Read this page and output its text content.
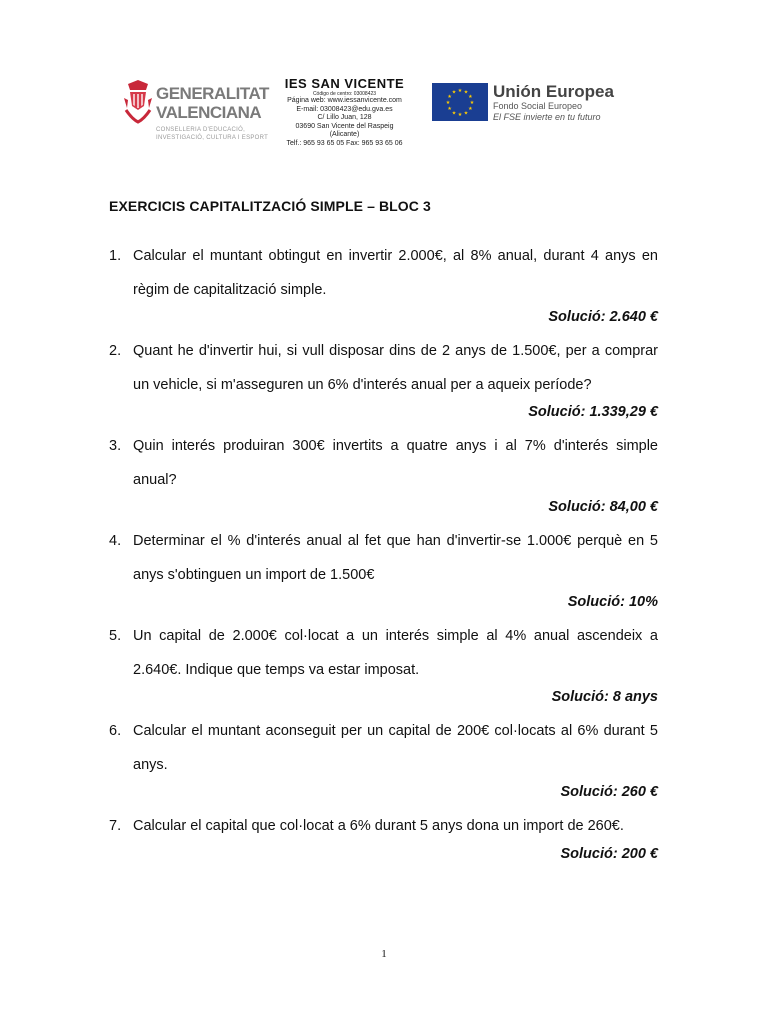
GENERALITAT
VALENCIANA
CONSELLERIA D'EDUCACIÓ,
INVESTIGACIÓ, CULTURA I ESPORT
IES SAN VICENTE
Código de centro: 03008423
Página web: www.iessanvicente.com
E-mail: 03008423@edu.gva.es
C/ Lillo Juan, 128
03690 San Vicente del Raspeig
(Alicante)
Telf.: 965 93 65 05 Fax: 965 93 65 06
★ ★
★
★
★
★
★
★
★
★
★
★ Unión Europea
Fondo Social Europeo
El FSE invierte en tu futuro
EXERCICIS CAPITALITZACIÓ SIMPLE – BLOC 3
1. Calcular el muntant obtingut en invertir 2.000€, al 8% anual, durant 4 anys en règim de capitalització simple.
Solució: 2.640 €
2. Quant he d'invertir hui, si vull disposar dins de 2 anys de 1.500€, per a comprar un vehicle, si m'asseguren un 6% d'interés anual per a aqueix període?
Solució: 1.339,29 €
3. Quin interés produiran 300€ invertits a quatre anys i al 7% d'interés simple anual?
Solució: 84,00 €
4. Determinar el % d'interés anual al fet que han d'invertir-se 1.000€ perquè en 5 anys s'obtinguen un import de 1.500€
Solució: 10%
5. Un capital de 2.000€ col·locat a un interés simple al 4% anual ascendeix a 2.640€. Indique que temps va estar imposat.
Solució: 8 anys
6. Calcular el muntant aconseguit per un capital de 200€ col·locats al 6% durant 5 anys.
Solució: 260 €
7. Calcular el capital que col·locat a 6% durant 5 anys dona un import de 260€.
Solució: 200 €
1
